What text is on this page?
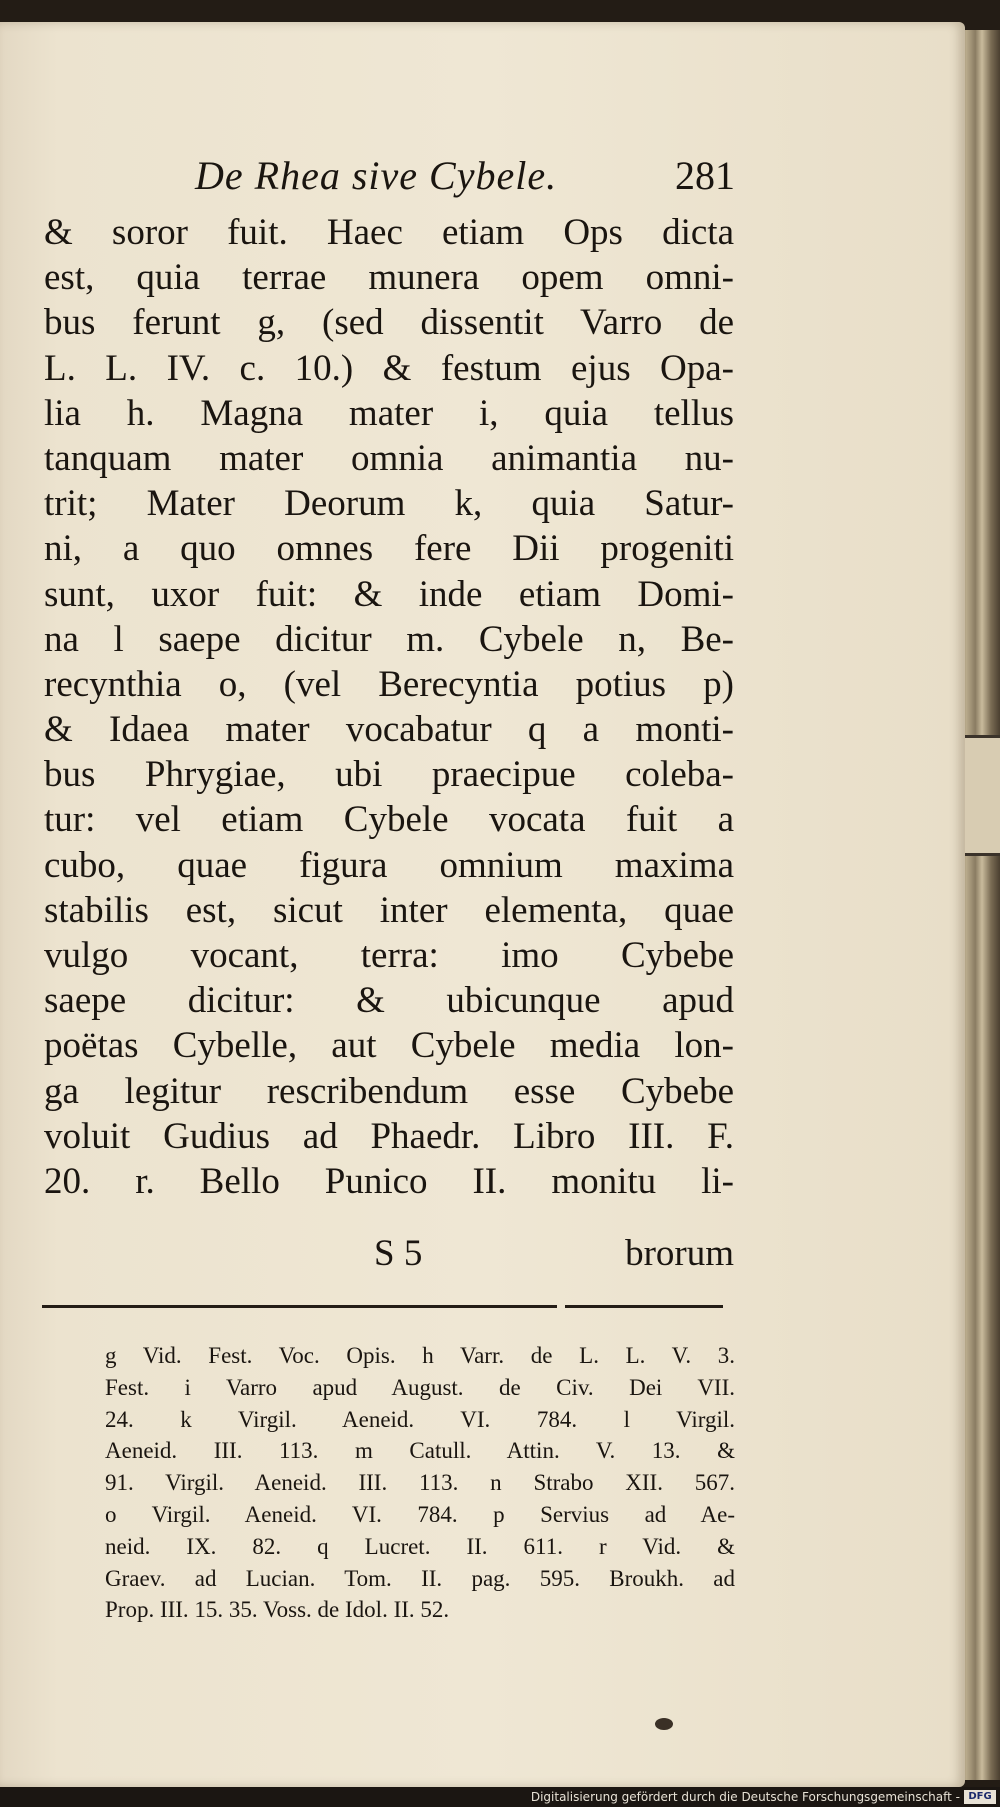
De Rhea sive Cybele.	281
& soror fuit. Haec etiam Ops dicta
est, quia terrae munera opem omni-
bus ferunt g, (sed dissentit Varro de
L. L. IV. c. 10.) & festum ejus Opa-
lia h. Magna mater i, quia tellus
tanquam mater omnia animantia nu-
trit; Mater Deorum k, quia Satur-
ni, a quo omnes fere Dii progeniti
sunt, uxor fuit: & inde etiam Domi-
na l saepe dicitur m. Cybele n, Be-
recynthia o, (vel Berecyntia potius p)
& Idaea mater vocabatur q a monti-
bus Phrygiae, ubi praecipue coleba-
tur: vel etiam Cybele vocata fuit a
cubo, quae figura omnium maxima
stabilis est, sicut inter elementa, quae
vulgo vocant, terra: imo Cybebe
saepe dicitur: & ubicunque apud
poëtas Cybelle, aut Cybele media lon-
ga legitur rescribendum esse Cybebe
voluit Gudius ad Phaedr. Libro III. F.
20. r. Bello Punico II. monitu li-
S 5	brorum
g Vid. Fest. Voc. Opis. h Varr. de L. L. V. 3.
Fest. i Varro apud August. de Civ. Dei VII.
24. k Virgil. Aeneid. VI. 784. l Virgil.
Aeneid. III. 113. m Catull. Attin. V. 13. &
91. Virgil. Aeneid. III. 113. n Strabo XII. 567.
o Virgil. Aeneid. VI. 784. p Servius ad Ae-
neid. IX. 82. q Lucret. II. 611. r Vid. &
Graev. ad Lucian. Tom. II. pag. 595. Broukh. ad
Prop. III. 15. 35. Voss. de Idol. II. 52.
Digitalisierung gefördert durch die Deutsche Forschungsgemeinschaft - DFG
